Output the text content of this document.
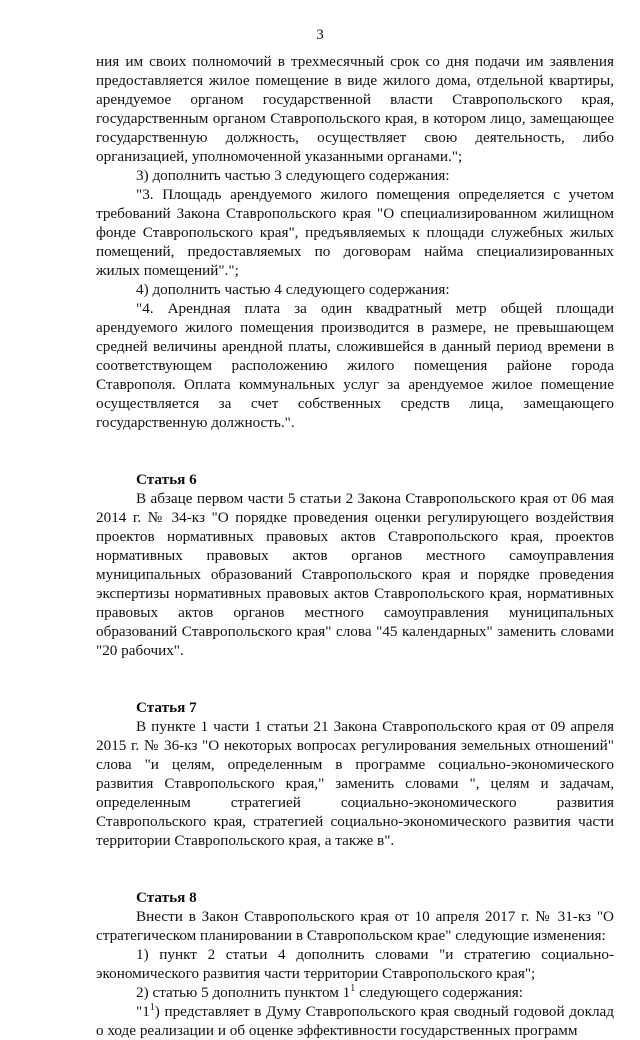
3

ния им своих полномочий в трехмесячный срок со дня подачи им заявления предоставляется жилое помещение в виде жилого дома, отдельной квартиры, арендуемое органом государственной власти Ставропольского края, государственным органом Ставропольского края, в котором лицо, замещающее государственную должность, осуществляет свою деятельность, либо организацией, уполномоченной указанными органами.";

3) дополнить частью 3 следующего содержания:

"3. Площадь арендуемого жилого помещения определяется с учетом требований Закона Ставропольского края "О специализированном жилищном фонде Ставропольского края", предъявляемых к площади служебных жилых помещений, предоставляемых по договорам найма специализированных жилых помещений".";

4) дополнить частью 4 следующего содержания:

"4. Арендная плата за один квадратный метр общей площади арендуемого жилого помещения производится в размере, не превышающем средней величины арендной платы, сложившейся в данный период времени в соответствующем расположению жилого помещения районе города Ставрополя. Оплата коммунальных услуг за арендуемое жилое помещение осуществляется за счет собственных средств лица, замещающего государственную должность.".

Статья 6

В абзаце первом части 5 статьи 2 Закона Ставропольского края от 06 мая 2014 г. № 34-кз "О порядке проведения оценки регулирующего воздействия проектов нормативных правовых актов Ставропольского края, проектов нормативных правовых актов органов местного самоуправления муниципальных образований Ставропольского края и порядке проведения экспертизы нормативных правовых актов Ставропольского края, нормативных правовых актов органов местного самоуправления муниципальных образований Ставропольского края" слова "45 календарных" заменить словами "20 рабочих".

Статья 7

В пункте 1 части 1 статьи 21 Закона Ставропольского края от 09 апреля 2015 г. № 36-кз "О некоторых вопросах регулирования земельных отношений" слова "и целям, определенным в программе социально-экономического развития Ставропольского края," заменить словами ", целям и задачам, определенным стратегией социально-экономического развития Ставропольского края, стратегией социально-экономического развития части территории Ставропольского края, а также в".

Статья 8

Внести в Закон Ставропольского края от 10 апреля 2017 г. № 31-кз "О стратегическом планировании в Ставропольском крае" следующие изменения:

1) пункт 2 статьи 4 дополнить словами "и стратегию социально-экономического развития части территории Ставропольского края";

2) статью 5 дополнить пунктом $1^1$ следующего содержания:

"$1^1$) представляет в Думу Ставропольского края сводный годовой доклад о ходе реализации и об оценке эффективности государственных программ
